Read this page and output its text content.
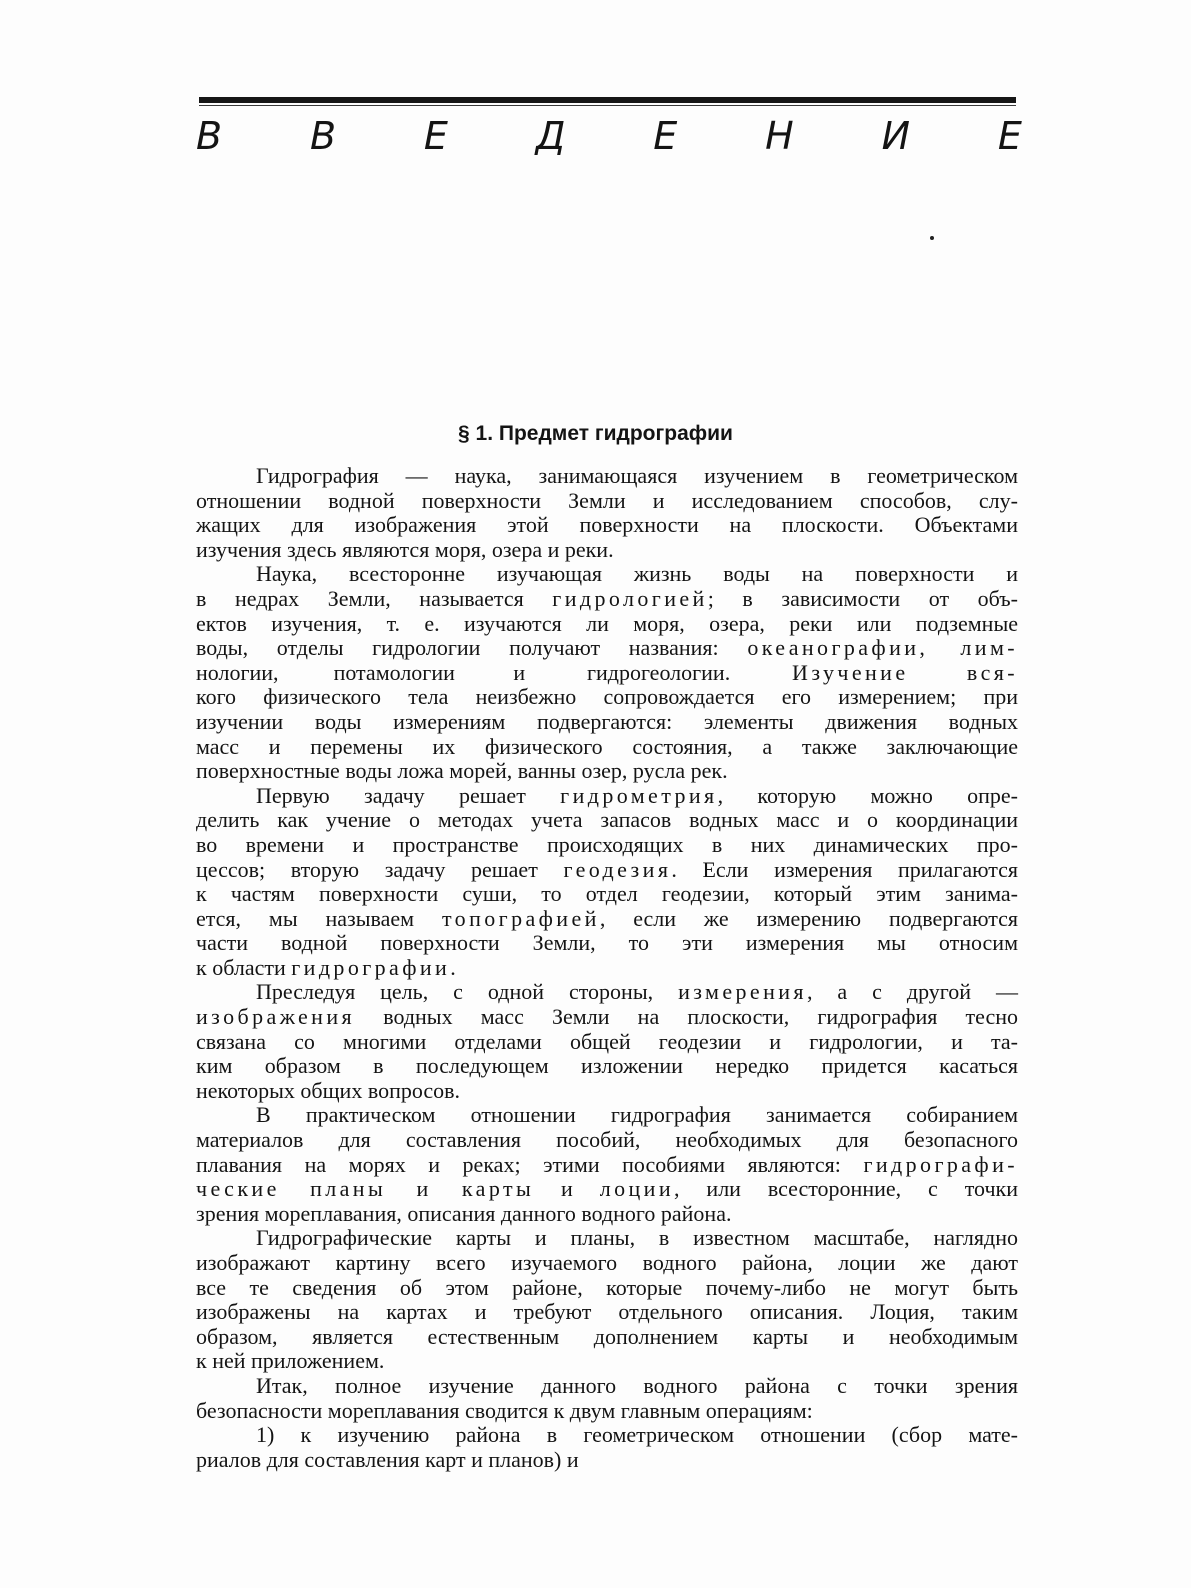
В В Е Д Е Н И Е
§ 1. Предмет гидрографии
Гидрография — наука, занимающаяся изучением в геометрическом
отношении водной поверхности Земли и исследованием способов, слу-
жащих для изображения этой поверхности на плоскости. Объектами
изучения здесь являются моря, озера и реки.
Наука, всесторонне изучающая жизнь воды на поверхности и
в недрах Земли, называется гидрологией; в зависимости от объ-
ектов изучения, т. е. изучаются ли моря, озера, реки или подземные
воды, отделы гидрологии получают названия: океанографии, лим-
нологии, потамологии и гидрогеологии. Изучение вся-
кого физического тела неизбежно сопровождается его измерением; при
изучении воды измерениям подвергаются: элементы движения водных
масс и перемены их физического состояния, а также заключающие
поверхностные воды ложа морей, ванны озер, русла рек.
Первую задачу решает гидрометрия, которую можно опре-
делить как учение о методах учета запасов водных масс и о координации
во времени и пространстве происходящих в них динамических про-
цессов; вторую задачу решает геодезия. Если измерения прилагаются
к частям поверхности суши, то отдел геодезии, который этим занима-
ется, мы называем топографией, если же измерению подвергаются
части водной поверхности Земли, то эти измерения мы относим
к области гидрографии.
Преследуя цель, с одной стороны, измерения, а с другой —
изображения водных масс Земли на плоскости, гидрография тесно
связана со многими отделами общей геодезии и гидрологии, и та-
ким образом в последующем изложении нередко придется касаться
некоторых общих вопросов.
В практическом отношении гидрография занимается собиранием
материалов для составления пособий, необходимых для безопасного
плавания на морях и реках; этими пособиями являются: гидрографи-
ческие планы и карты и лоции, или всесторонние, с точки
зрения мореплавания, описания данного водного района.
Гидрографические карты и планы, в известном масштабе, наглядно
изображают картину всего изучаемого водного района, лоции же дают
все те сведения об этом районе, которые почему-либо не могут быть
изображены на картах и требуют отдельного описания. Лоция, таким
образом, является естественным дополнением карты и необходимым
к ней приложением.
Итак, полное изучение данного водного района с точки зрения
безопасности мореплавания сводится к двум главным операциям:
1) к изучению района в геометрическом отношении (сбор мате-
риалов для составления карт и планов) и
